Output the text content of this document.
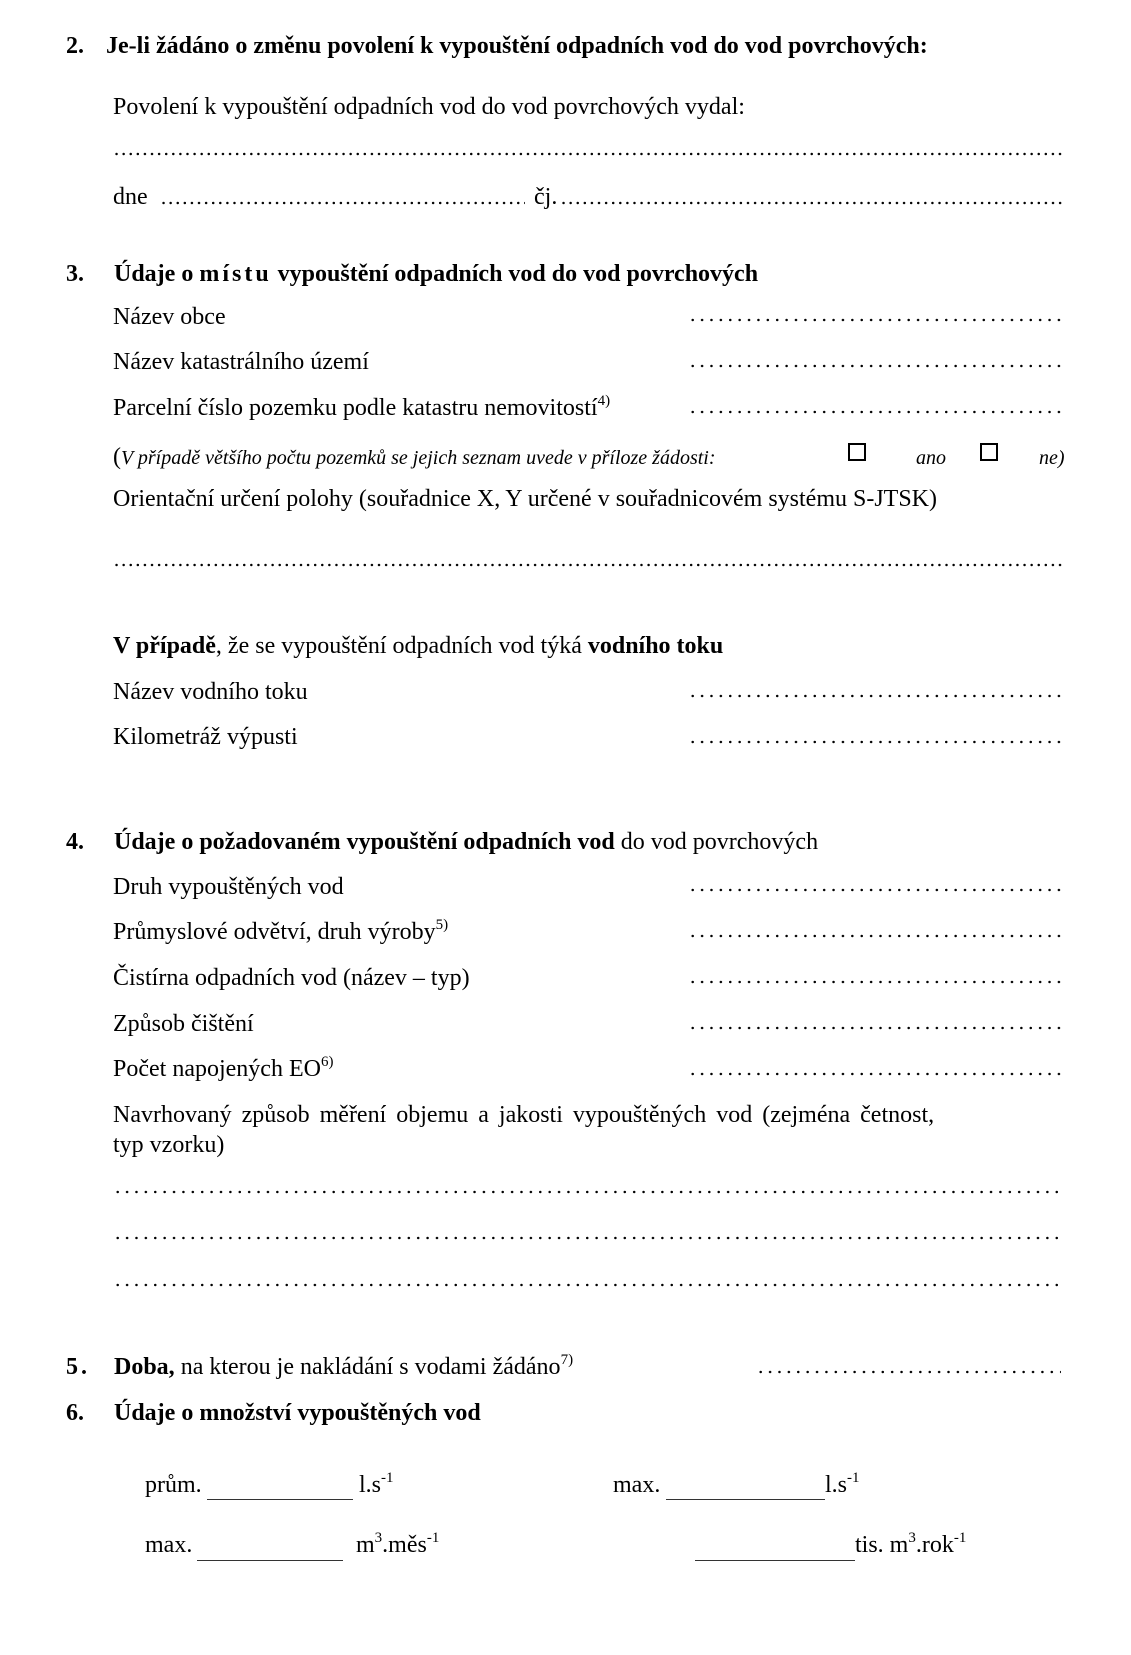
2. Je-li žádáno o změnu povolení k vypouštění odpadních vod do vod povrchových:
Povolení k vypouštění odpadních vod do vod povrchových vydal:
dne	čj.
3. Údaje o místu vypouštění odpadních vod do vod povrchových
Název obce
Název katastrálního území
Parcelní číslo pozemku podle katastru nemovitostí$^{4)}$
(V případě většího počtu pozemků se jejich seznam uvede v příloze žádosti:	ano	ne)
Orientační určení polohy (souřadnice X, Y určené v souřadnicovém systému S-JTSK)
V případě, že se vypouštění odpadních vod týká vodního toku
Název vodního toku
Kilometráž výpusti
4. Údaje o požadovaném vypouštění odpadních vod do vod povrchových
Druh vypouštěných vod
Průmyslové odvětví, druh výroby$^{5)}$
Čistírna odpadních vod (název – typ)
Způsob čištění
Počet napojených EO$^{6)}$
Navrhovaný způsob měření objemu a jakosti vypouštěných vod (zejména četnost,
typ vzorku)
5. Doba, na kterou je nakládání s vodami žádáno$^{7)}$
6. Údaje o množství vypouštěných vod
prům.	$l.s^{-1}$	max.	$l.s^{-1}$
max.	$m^3.měs^{-1}$	tis. $m^3.rok^{-1}$
